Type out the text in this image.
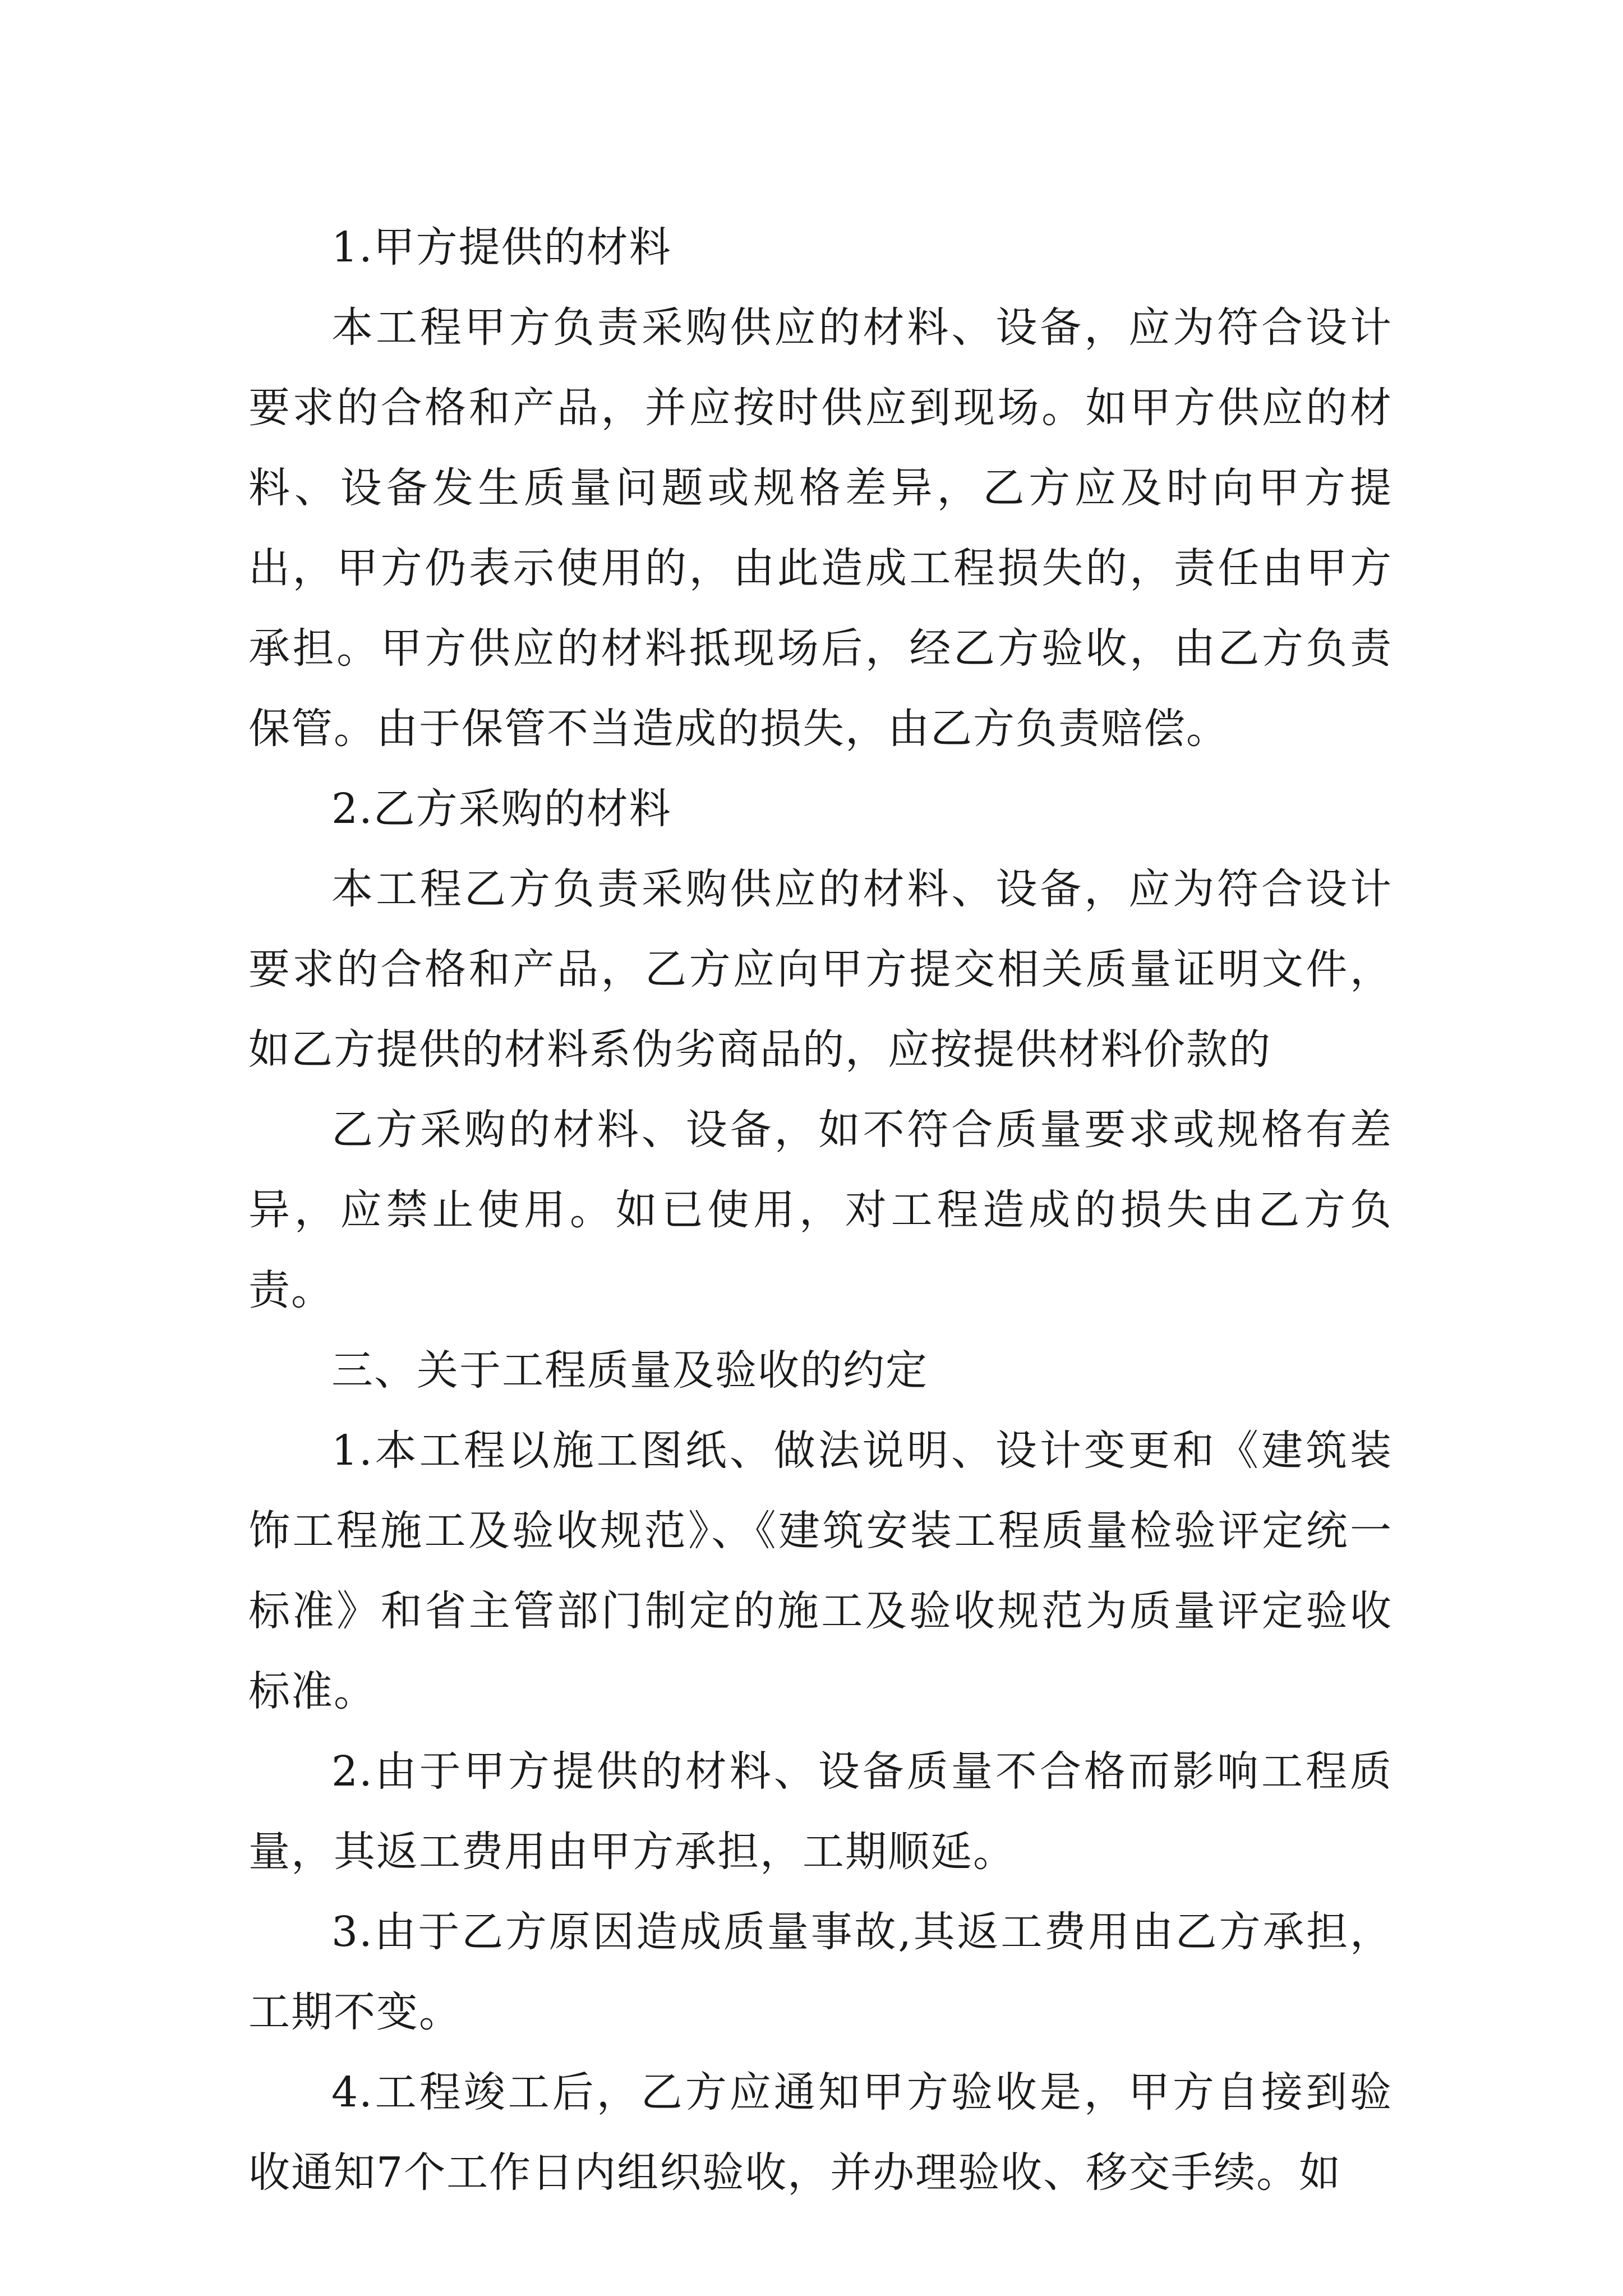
1.甲方提供的材料

本工程甲方负责采购供应的材料、设备，应为符合设计要求的合格和产品，并应按时供应到现场。如甲方供应的材料、设备发生质量问题或规格差异，乙方应及时向甲方提出，甲方仍表示使用的，由此造成工程损失的，责任由甲方承担。甲方供应的材料抵现场后，经乙方验收，由乙方负责保管。由于保管不当造成的损失，由乙方负责赔偿。

2.乙方采购的材料

本工程乙方负责采购供应的材料、设备，应为符合设计要求的合格和产品，乙方应向甲方提交相关质量证明文件，如乙方提供的材料系伪劣商品的，应按提供材料价款的

乙方采购的材料、设备，如不符合质量要求或规格有差异，应禁止使用。如已使用，对工程造成的损失由乙方负责。

三、关于工程质量及验收的约定

1.本工程以施工图纸、做法说明、设计变更和《建筑装饰工程施工及验收规范》、《建筑安装工程质量检验评定统一标准》和省主管部门制定的施工及验收规范为质量评定验收标准。

2.由于甲方提供的材料、设备质量不合格而影响工程质量，其返工费用由甲方承担，工期顺延。

3.由于乙方原因造成质量事故,其返工费用由乙方承担，工期不变。

4.工程竣工后，乙方应通知甲方验收是，甲方自接到验收通知7个工作日内组织验收，并办理验收、移交手续。如
